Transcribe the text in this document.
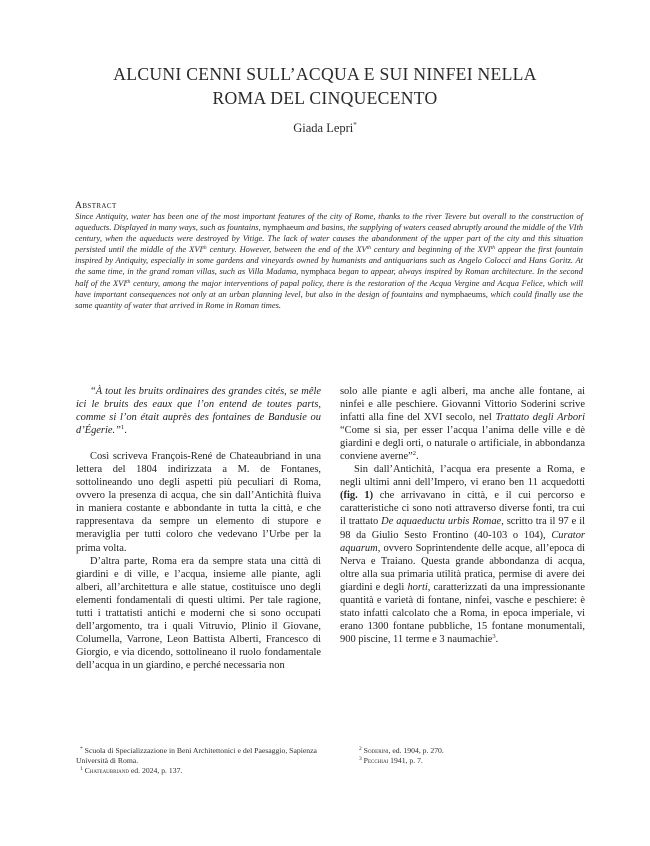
ALCUNI CENNI SULL’ACQUA E SUI NINFEI NELLA
ROMA DEL CINQUECENTO
Giada Lepri*
Abstract
Since Antiquity, water has been one of the most important features of the city of Rome, thanks to the river Tevere but overall to the construction of aqueducts. Displayed in many ways, such as fountains, nymphaeum and basins, the supplying of waters ceased abruptly around the middle of the VIth century, when the aqueducts were destroyed by Vitige. The lack of water causes the abandonment of the upper part of the city and this situation persisted until the middle of the XVIth century. However, between the end of the XVth century and beginning of the XVIth appear the first fountain inspired by Antiquity, especially in some gardens and vineyards owned by humanists and antiquarians such as Angelo Colocci and Hans Goritz. At the same time, in the grand roman villas, such as Villa Madama, nymphaca began to appear, always inspired by Roman architecture. In the second half of the XVIth century, among the major interventions of papal policy, there is the restoration of the Acqua Vergine and Acqua Felice, which will have important consequences not only at an urban planning level, but also in the design of fountains and nymphaeums, which could finally use the same quantity of water that arrived in Rome in Roman times.

“À tout les bruits ordinaires des grandes cités, se mêle ici le bruits des eaux que l’on entend de toutes parts, comme si l’on était auprès des fontaines de Bandusie ou d’Égerie.”$^1$.

Così scriveva François-René de Chateaubriand in una lettera del 1804 indirizzata a M. de Fontanes, sottolineando uno degli aspetti più peculiari di Roma, ovvero la presenza di acqua, che sin dall’Antichità fluiva in maniera costante e abbondante in tutta la città, e che rappresentava da sempre un elemento di stupore e meraviglia per tutti coloro che vedevano l’Urbe per la prima volta.

D’altra parte, Roma era da sempre stata una città di giardini e di ville, e l’acqua, insieme alle piante, agli alberi, all’architettura e alle statue, costituisce uno degli elementi fondamentali di questi ultimi. Per tale ragione, tutti i trattatisti antichi e moderni che si sono occupati dell’argomento, tra i quali Vitruvio, Plinio il Giovane, Columella, Varrone, Leon Battista Alberti, Francesco di Giorgio, e via dicendo, sottolineano il ruolo fondamentale dell’acqua in un giardino, e perché necessaria non

solo alle piante e agli alberi, ma anche alle fontane, ai ninfei e alle peschiere. Giovanni Vittorio Soderini scrive infatti alla fine del XVI secolo, nel Trattato degli Arbori “Come si sia, per esser l’acqua l’anima delle ville e dè giardini e degli orti, o naturale o artificiale, in abbondanza conviene averne”$^2$.

Sin dall’Antichità, l’acqua era presente a Roma, e negli ultimi anni dell’Impero, vi erano ben 11 acquedotti (fig. 1) che arrivavano in città, e il cui percorso e caratteristiche ci sono noti attraverso diverse fonti, tra cui il trattato De aquaeductu urbis Romae, scritto tra il 97 e il 98 da Giulio Sesto Frontino (40-103 o 104), Curator aquarum, ovvero Soprintendente delle acque, all’epoca di Nerva e Traiano. Questa grande abbondanza di acqua, oltre alla sua primaria utilità pratica, permise di avere dei giardini e degli horti, caratterizzati da una impressionante quantità e varietà di fontane, ninfei, vasche e peschiere: è stato infatti calcolato che a Roma, in epoca imperiale, vi erano 1300 fontane pubbliche, 15 fontane monumentali, 900 piscine, 11 terme e 3 naumachie$^3$.

* Scuola di Specializzazione in Beni Architettonici e del Paesaggio, Sapienza Università di Roma.
$^1$ Chateaubriand ed. 2024, p. 137.
$^2$ Soderini, ed. 1904, p. 270.
$^3$ Pecchiai 1941, p. 7.
